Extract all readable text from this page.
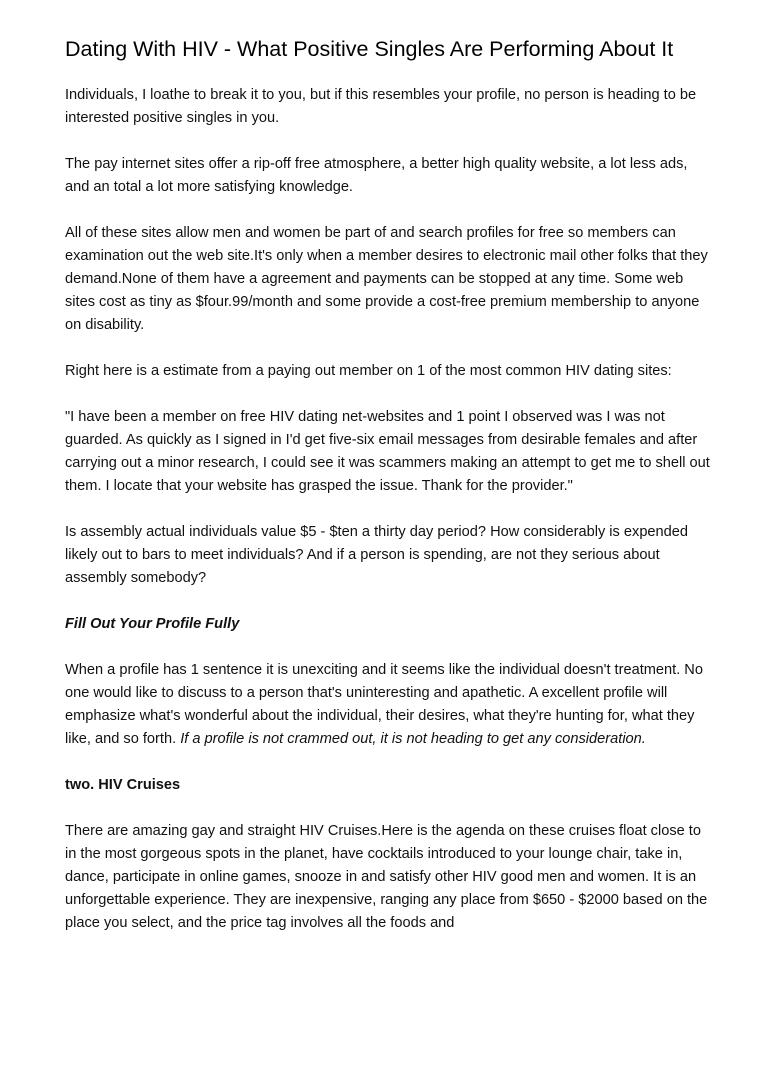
Dating With HIV - What Positive Singles Are Performing About It

Individuals, I loathe to break it to you, but if this resembles your profile, no person is heading to be interested positive singles in you.

The pay internet sites offer a rip-off free atmosphere, a better high quality website, a lot less ads, and an total a lot more satisfying knowledge.

All of these sites allow men and women be part of and search profiles for free so members can examination out the web site.It's only when a member desires to electronic mail other folks that they demand.None of them have a agreement and payments can be stopped at any time. Some web sites cost as tiny as $four.99/month and some provide a cost-free premium membership to anyone on disability.

Right here is a estimate from a paying out member on 1 of the most common HIV dating sites:

"I have been a member on free HIV dating net-websites and 1 point I observed was I was not guarded. As quickly as I signed in I'd get five-six email messages from desirable females and after carrying out a minor research, I could see it was scammers making an attempt to get me to shell out them. I locate that your website has grasped the issue. Thank for the provider."

Is assembly actual individuals value $5 - $ten a thirty day period? How considerably is expended likely out to bars to meet individuals? And if a person is spending, are not they serious about assembly somebody?

Fill Out Your Profile Fully

When a profile has 1 sentence it is unexciting and it seems like the individual doesn't treatment. No one would like to discuss to a person that's uninteresting and apathetic. A excellent profile will emphasize what's wonderful about the individual, their desires, what they're hunting for, what they like, and so forth. If a profile is not crammed out, it is not heading to get any consideration.

two. HIV Cruises

There are amazing gay and straight HIV Cruises.Here is the agenda on these cruises float close to in the most gorgeous spots in the planet, have cocktails introduced to your lounge chair, take in, dance, participate in online games, snooze in and satisfy other HIV good men and women. It is an unforgettable experience. They are inexpensive, ranging any place from $650 - $2000 based on the place you select, and the price tag involves all the foods and
